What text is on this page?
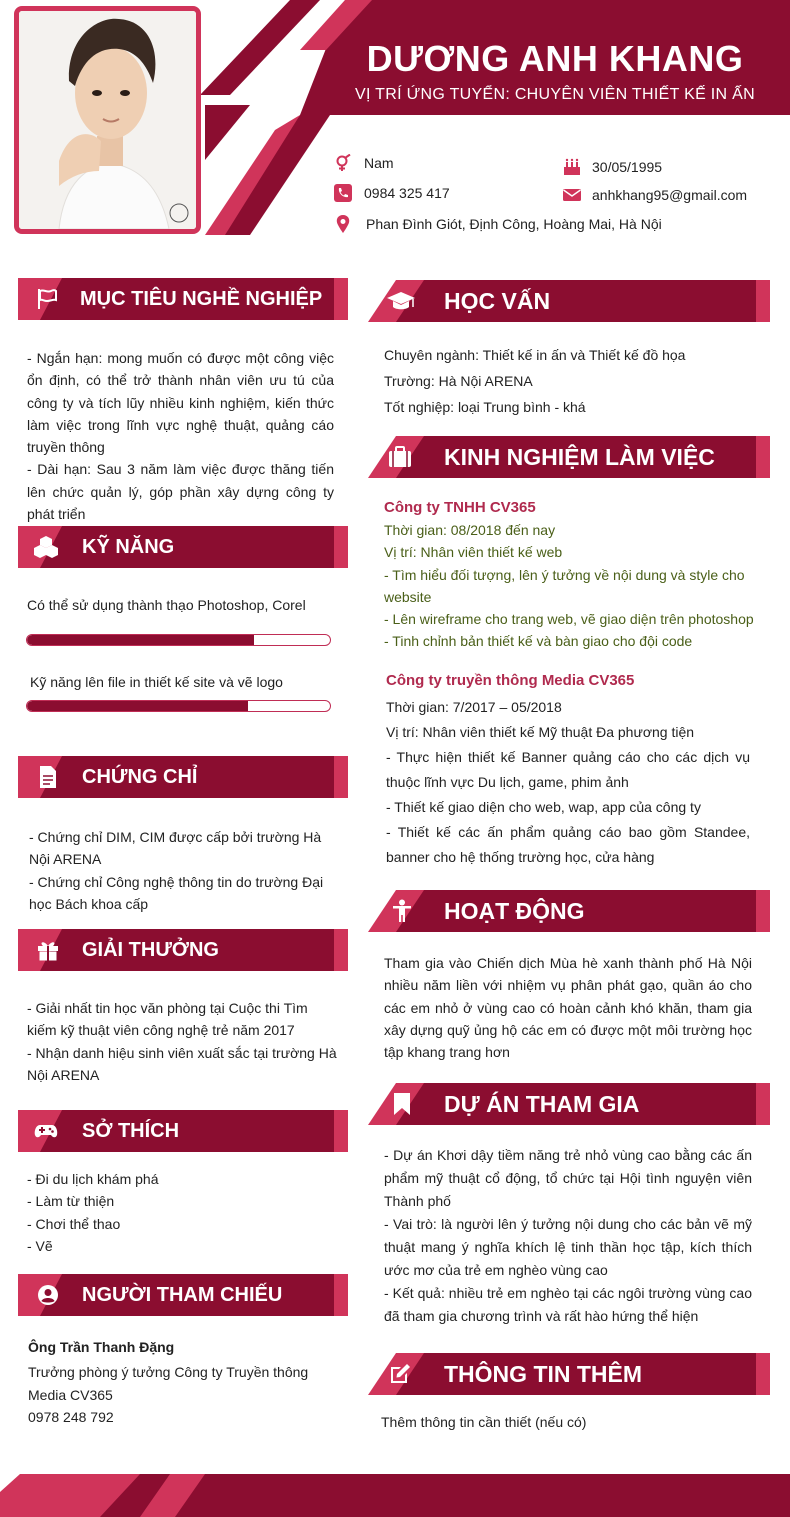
DƯƠNG ANH KHANG
VỊ TRÍ ỨNG TUYỂN: CHUYÊN VIÊN THIẾT KẾ IN ẤN
Nam
0984 325 417
Phan Đình Giót, Định Công, Hoàng Mai, Hà Nội
30/05/1995
anhkhang95@gmail.com
MỤC TIÊU NGHỀ NGHIỆP

- Ngắn hạn: mong muốn có được một công việc ổn định, có thể trở thành nhân viên ưu tú của công ty và tích lũy nhiều kinh nghiệm, kiến thức làm việc trong lĩnh vực nghệ thuật, quảng cáo truyền thông

- Dài hạn: Sau 3 năm làm việc được thăng tiến lên chức quản lý, góp phần xây dựng công ty phát triển

KỸ NĂNG
Có thể sử dụng thành thạo Photoshop, Corel
Kỹ năng lên file in thiết kế site và vẽ logo
CHỨNG CHỈ

- Chứng chỉ DIM, CIM được cấp bởi trường Hà Nội ARENA

- Chứng chỉ Công nghệ thông tin do trường Đại học Bách khoa cấp

GIẢI THƯỞNG

- Giải nhất tin học văn phòng tại Cuộc thi Tìm kiếm kỹ thuật viên công nghệ trẻ năm 2017

- Nhận danh hiệu sinh viên xuất sắc tại trường Hà Nội ARENA

SỞ THÍCH

- Đi du lịch khám phá

- Làm từ thiện

- Chơi thể thao

- Vẽ

NGƯỜI THAM CHIẾU

Ông Trần Thanh Đặng

Trưởng phòng ý tưởng Công ty Truyền thông Media CV365

0978 248 792

HỌC VẤN

Chuyên ngành: Thiết kế in ấn và Thiết kế đồ họa

Trường: Hà Nội ARENA

Tốt nghiệp: loại Trung bình - khá

KINH NGHIỆM LÀM VIỆC
Công ty TNHH CV365

Thời gian: 08/2018 đến nay

Vị trí: Nhân viên thiết kế web

- Tìm hiểu đối tượng, lên ý tưởng về nội dung và style cho website

- Lên wireframe cho trang web, vẽ giao diện trên photoshop

- Tinh chỉnh bản thiết kế và bàn giao cho đội code

Công ty truyền thông Media CV365

Thời gian: 7/2017 – 05/2018

Vị trí: Nhân viên thiết kế Mỹ thuật Đa phương tiện

- Thực hiện thiết kế Banner quảng cáo cho các dịch vụ thuộc lĩnh vực Du lịch, game, phim ảnh

- Thiết kế giao diện cho web, wap, app của công ty

- Thiết kế các ấn phẩm quảng cáo bao gồm Standee, banner cho hệ thống trường học, cửa hàng

HOẠT ĐỘNG
Tham gia vào Chiến dịch Mùa hè xanh thành phố Hà Nội nhiều năm liền với nhiệm vụ phân phát gạo, quần áo cho các em nhỏ ở vùng cao có hoàn cảnh khó khăn, tham gia xây dựng quỹ ủng hộ các em có được một môi trường học tập khang trang hơn
DỰ ÁN THAM GIA

- Dự án Khơi dậy tiềm năng trẻ nhỏ vùng cao bằng các ấn phẩm mỹ thuật cổ động, tổ chức tại Hội tình nguyện viên Thành phố

- Vai trò: là người lên ý tưởng nội dung cho các bản vẽ mỹ thuật mang ý nghĩa khích lệ tinh thần học tập, kích thích ước mơ của trẻ em nghèo vùng cao

- Kết quả: nhiều trẻ em nghèo tại các ngôi trường vùng cao đã tham gia chương trình và rất hào hứng thể hiện

THÔNG TIN THÊM
Thêm thông tin cần thiết (nếu có)
